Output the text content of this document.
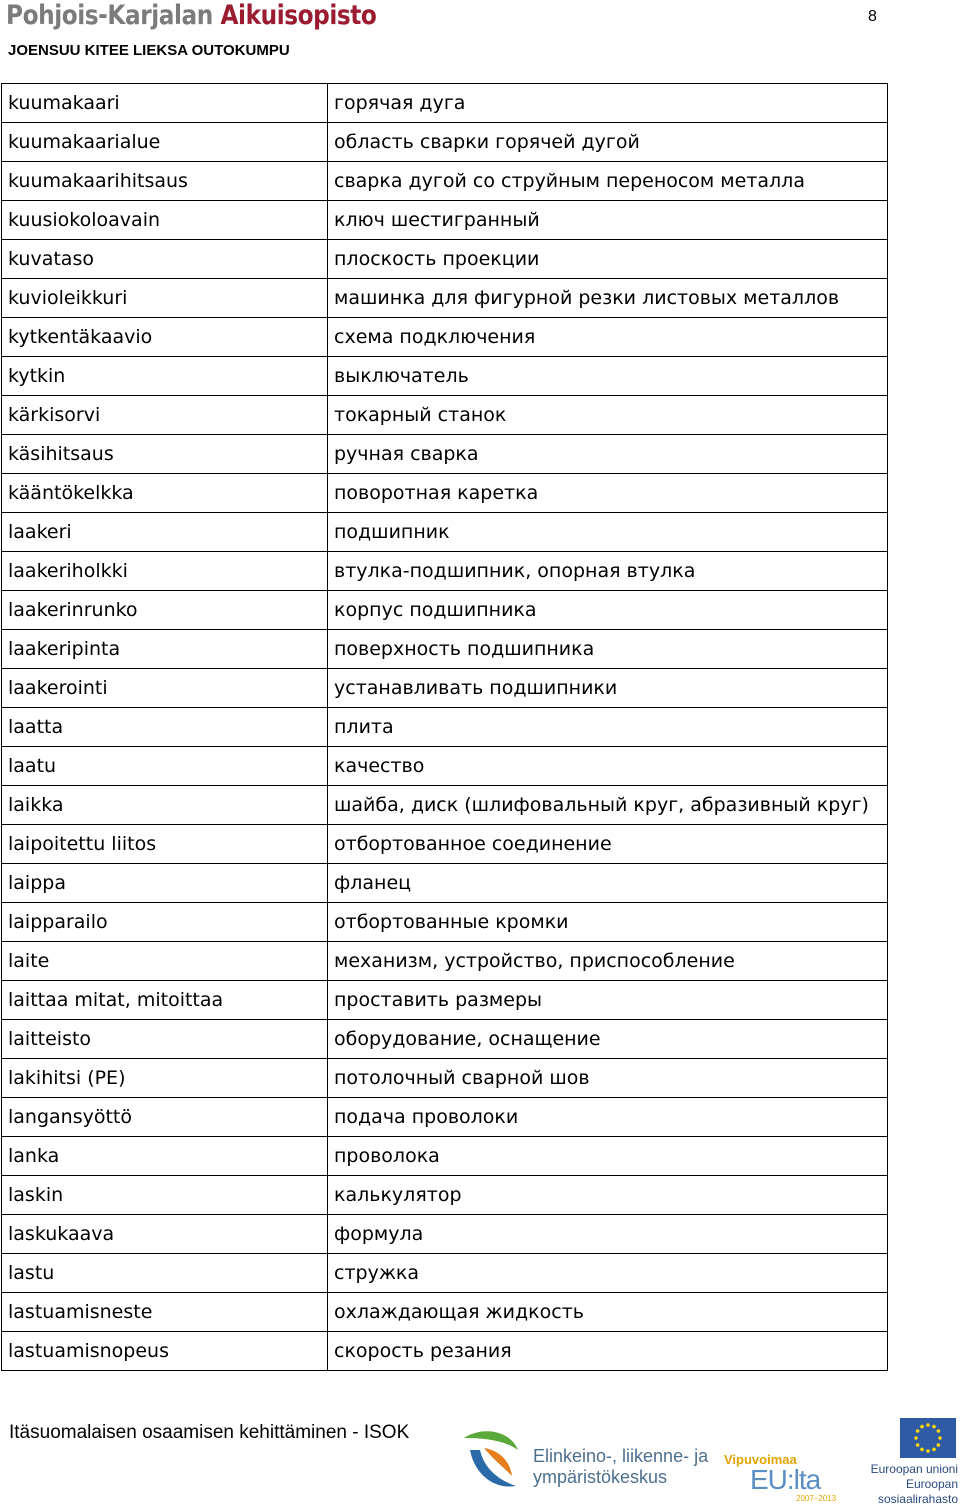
Pohjois-Karjalan Aikuisopisto
JOENSUU KITEE LIEKSA OUTOKUMPU
8
kuumakaari	горячая дуга
kuumakaarialue	область сварки горячей дугой
kuumakaarihitsaus	сварка дугой со струйным переносом металла
kuusiokoloavain	ключ шестигранный
kuvataso	плоскость проекции
kuvioleikkuri	машинка для фигурной резки листовых металлов
kytkentäkaavio	схема подключения
kytkin	выключатель
kärkisorvi	токарный станок
käsihitsaus	ручная сварка
kääntökelkka	поворотная каретка
laakeri	подшипник
laakeriholkki	втулка-подшипник, опорная втулка
laakerinrunko	корпус подшипника
laakeripinta	поверхность подшипника
laakerointi	устанавливать подшипники
laatta	плита
laatu	качество
laikka	шайба, диск (шлифовальный круг, абразивный круг)
laipoitettu liitos	отбортованное соединение
laippa	фланец
laipparailo	отбортованные кромки
laite	механизм, устройство, приспособление
laittaa mitat, mitoittaa	проставить размеры
laitteisto	оборудование, оснащение
lakihitsi (PE)	потолочный сварной шов
langansyöttö	подача проволоки
lanka	проволока
laskin	калькулятор
laskukaava	формула
lastu	стружка
lastuamisneste	охлаждающая жидкость
lastuamisnopeus	скорость резания
Itäsuomalaisen osaamisen kehittäminen - ISOK
Elinkeino-, liikenne- ja
ympäristökeskus
Vipuvoimaa
EU:lta
2007–2013
Euroopan unioni
Euroopan sosiaalirahasto
